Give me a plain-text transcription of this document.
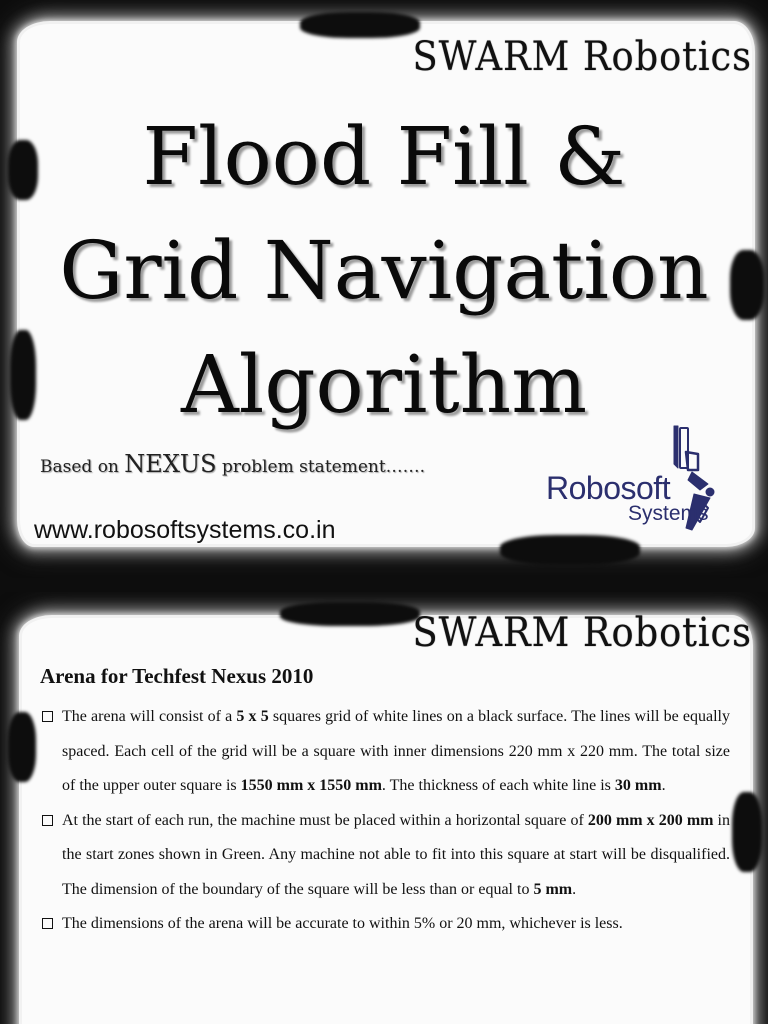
SWARM Robotics
Flood Fill &
Grid Navigation
Algorithm
Based on NEXUS problem statement…….
www.robosoftsystems.co.in
Robosoft
Systems
SWARM Robotics
Arena for Techfest Nexus 2010

The arena will consist of a 5 x 5 squares grid of white lines on a black surface. The lines will be equally spaced. Each cell of the grid will be a square with inner dimensions 220 mm x 220 mm. The total size of the upper outer square is 1550 mm x 1550 mm. The thickness of each white line is 30 mm.

At the start of each run, the machine must be placed within a horizontal square of 200 mm x 200 mm in the start zones shown in Green. Any machine not able to fit into this square at start will be disqualified. The dimension of the boundary of the square will be less than or equal to 5 mm.

The dimensions of the arena will be accurate to within 5% or 20 mm, whichever is less.
